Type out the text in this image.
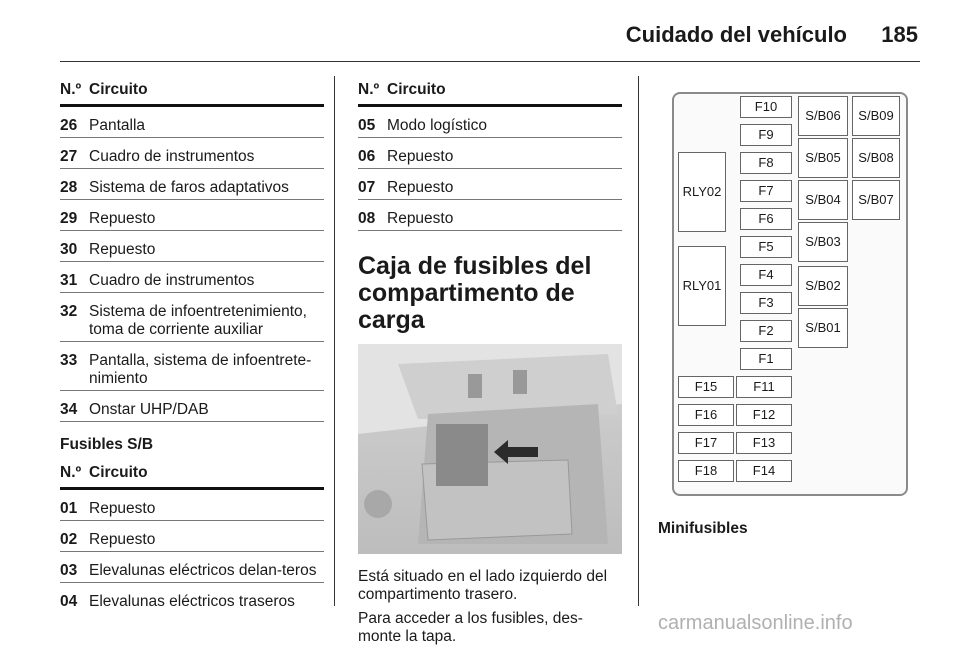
Cuidado del vehículo 185
N.º	Circuito
26	Pantalla
27	Cuadro de instrumentos
28	Sistema de faros adaptativos
29	Repuesto
30	Repuesto
31	Cuadro de instrumentos
32	Sistema de infoentretenimiento, toma de corriente auxiliar
33	Pantalla, sistema de infoentrete-nimiento
34	Onstar UHP/DAB
Fusibles S/B
N.º	Circuito
01	Repuesto
02	Repuesto
03	Elevalunas eléctricos delan-teros
04	Elevalunas eléctricos traseros
N.º	Circuito
05	Modo logístico
06	Repuesto
07	Repuesto
08	Repuesto
Caja de fusibles del compartimento de carga
Está situado en el lado izquierdo del compartimento trasero.
Para acceder a los fusibles, des-monte la tapa.
F10
F9
F8
F7
F6
F5
F4
F3
F2
F1
RLY02
RLY01
S/B06	S/B09
S/B05	S/B08
S/B04	S/B07
S/B03
S/B02
S/B01
F15	F11
F16	F12
F17	F13
F18	F14
Minifusibles
carmanualsonline.info
